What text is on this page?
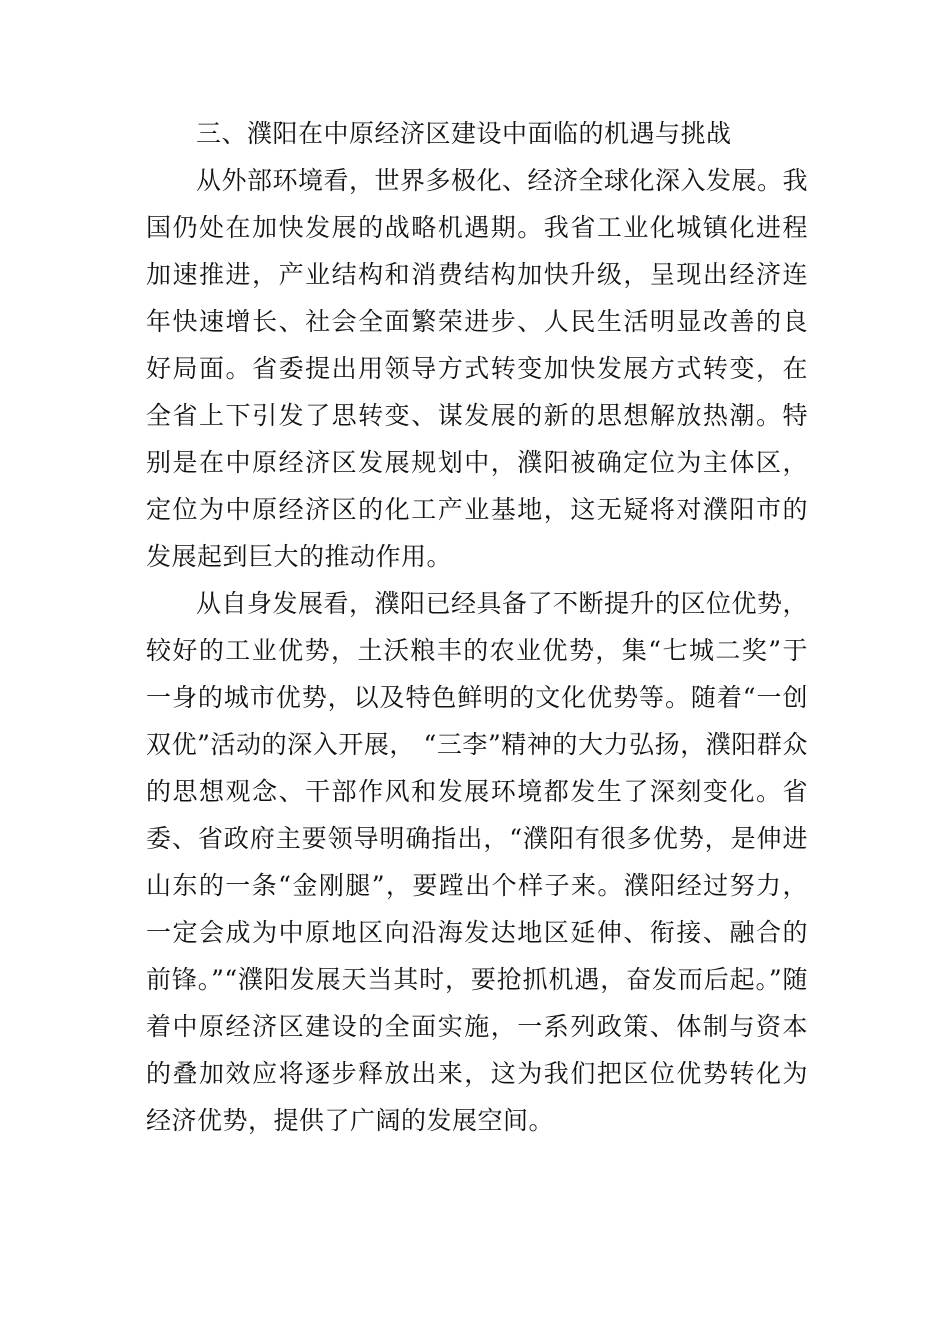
三、濮阳在中原经济区建设中面临的机遇与挑战

从外部环境看，世界多极化、经济全球化深入发展。我国仍处在加快发展的战略机遇期。我省工业化城镇化进程加速推进，产业结构和消费结构加快升级，呈现出经济连年快速增长、社会全面繁荣进步、人民生活明显改善的良好局面。省委提出用领导方式转变加快发展方式转变，在全省上下引发了思转变、谋发展的新的思想解放热潮。特别是在中原经济区发展规划中，濮阳被确定位为主体区，定位为中原经济区的化工产业基地，这无疑将对濮阳市的发展起到巨大的推动作用。

从自身发展看，濮阳已经具备了不断提升的区位优势，较好的工业优势，土沃粮丰的农业优势，集“七城二奖”于一身的城市优势，以及特色鲜明的文化优势等。随着“一创双优”活动的深入开展， “三李”精神的大力弘扬，濮阳群众的思想观念、干部作风和发展环境都发生了深刻变化。省委、省政府主要领导明确指出，“濮阳有很多优势，是伸进山东的一条“金刚腿”，要蹚出个样子来。濮阳经过努力，一定会成为中原地区向沿海发达地区延伸、衔接、融合的前锋。”“濮阳发展天当其时，要抢抓机遇，奋发而后起。”随着中原经济区建设的全面实施，一系列政策、体制与资本的叠加效应将逐步释放出来，这为我们把区位优势转化为经济优势，提供了广阔的发展空间。
